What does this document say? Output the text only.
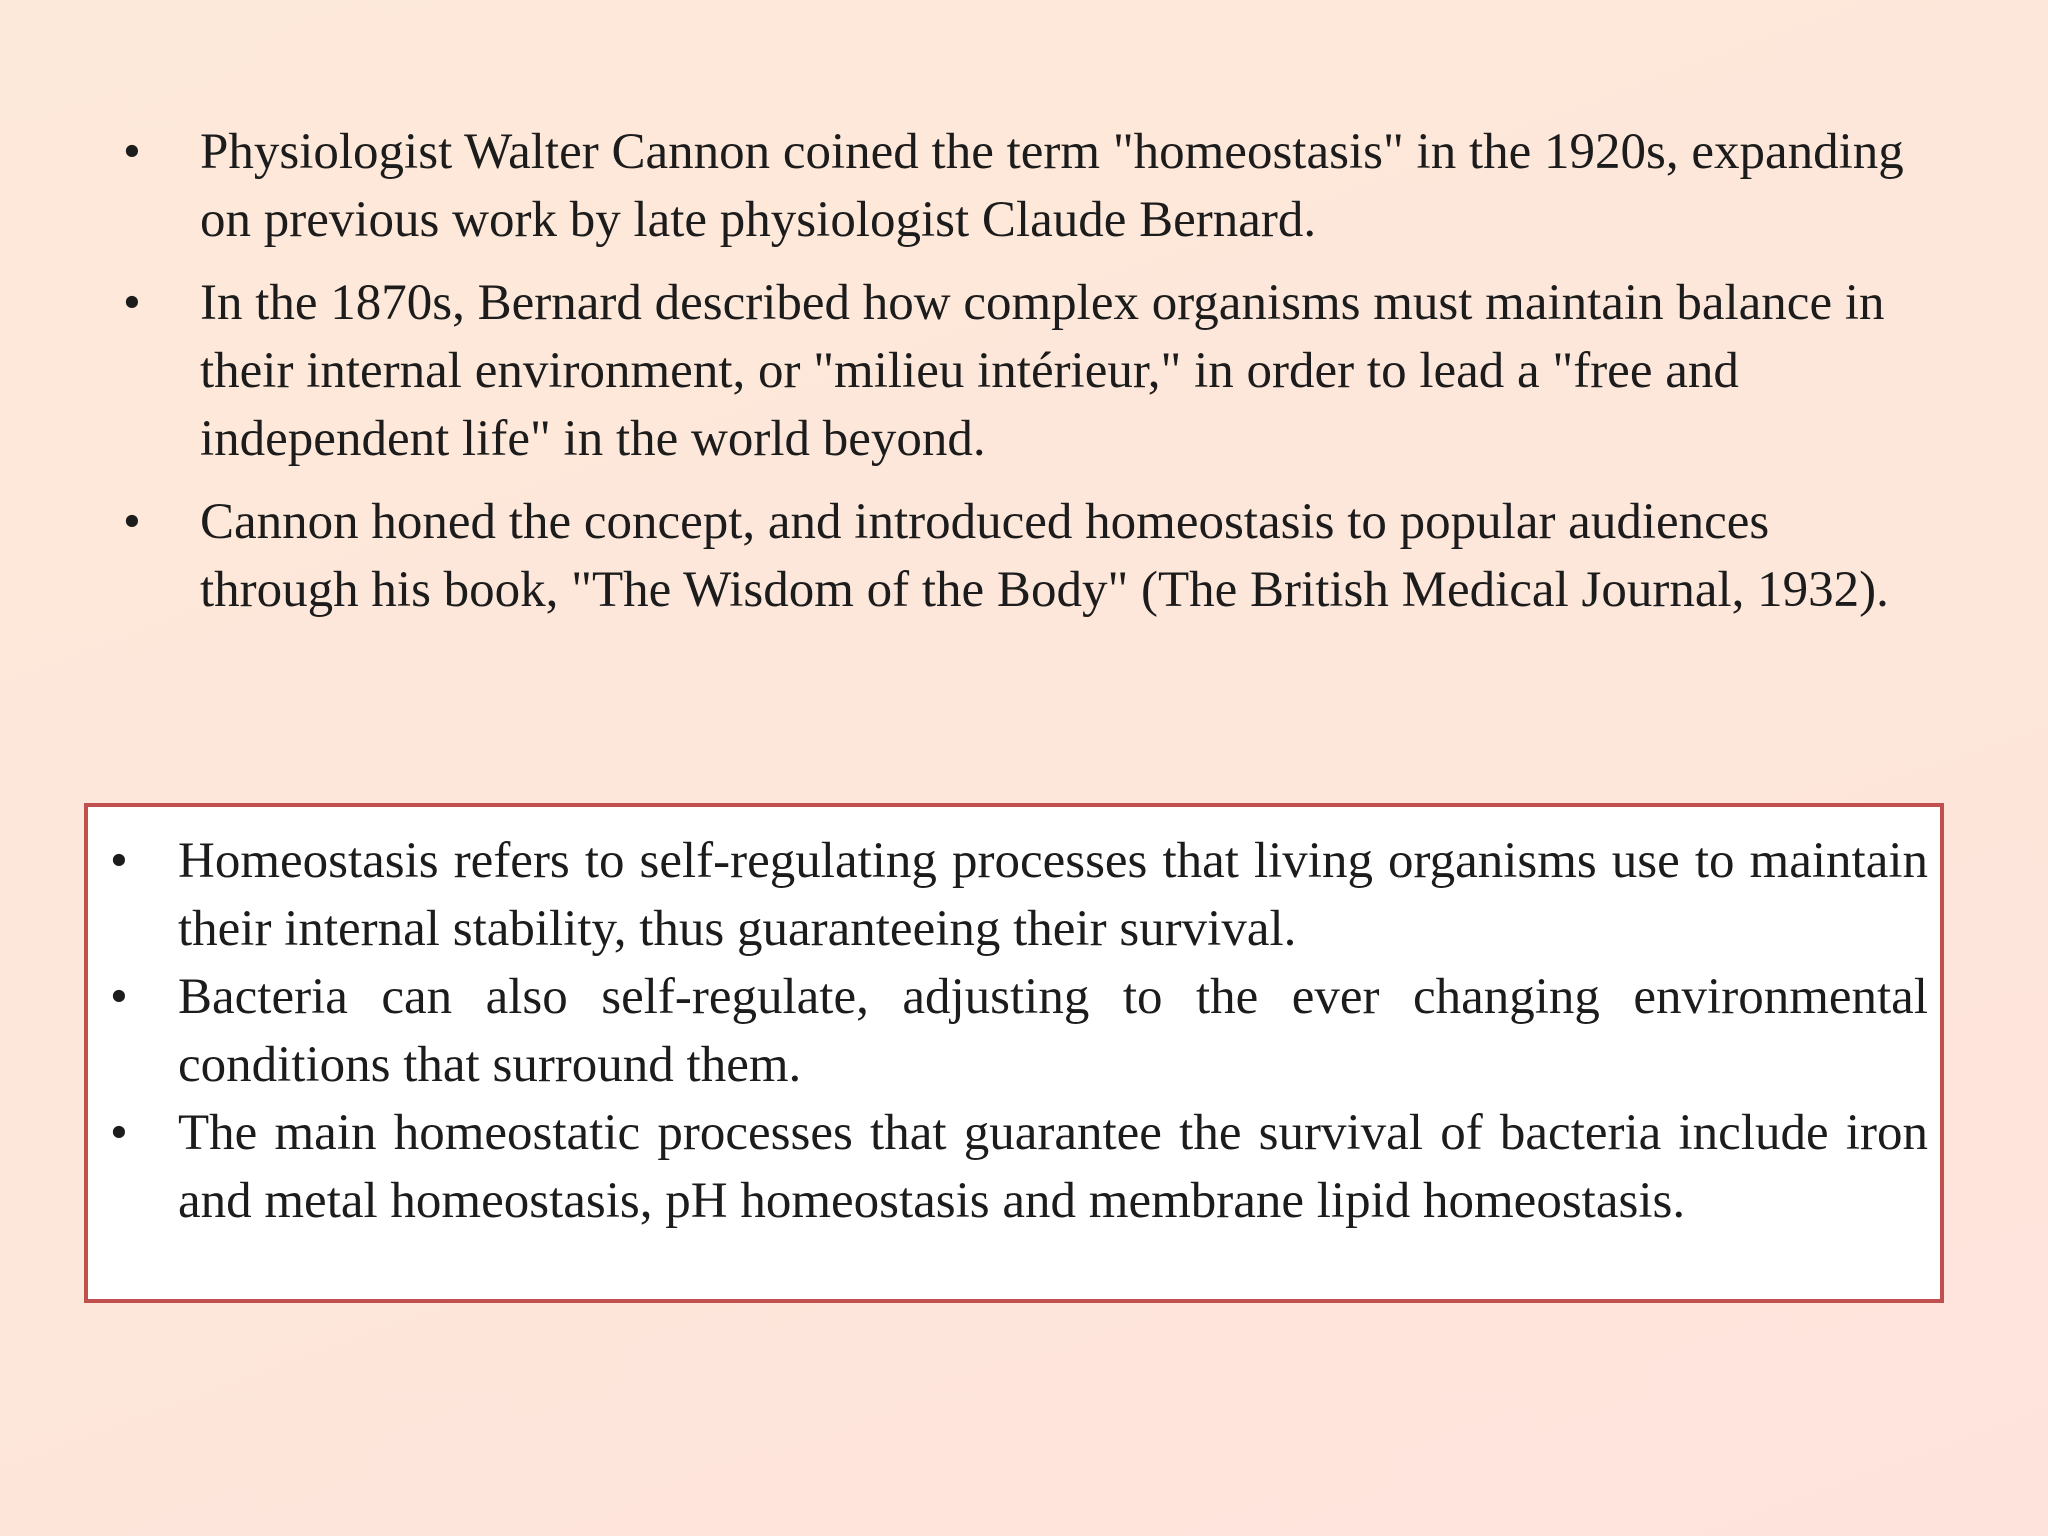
• Physiologist Walter Cannon coined the term "homeostasis" in the 1920s, expanding on previous work by late physiologist Claude Bernard.
• In the 1870s, Bernard described how complex organisms must maintain balance in their internal environment, or "milieu intérieur," in order to lead a "free and independent life" in the world beyond.
• Cannon honed the concept, and introduced homeostasis to popular audiences through his book, "The Wisdom of the Body" (The British Medical Journal, 1932).
• Homeostasis refers to self-regulating processes that living organisms use to maintain their internal stability, thus guaranteeing their survival.
• Bacteria can also self-regulate, adjusting to the ever changing environmental conditions that surround them.
• The main homeostatic processes that guarantee the survival of bacteria include iron and metal homeostasis, pH homeostasis and membrane lipid homeostasis.
